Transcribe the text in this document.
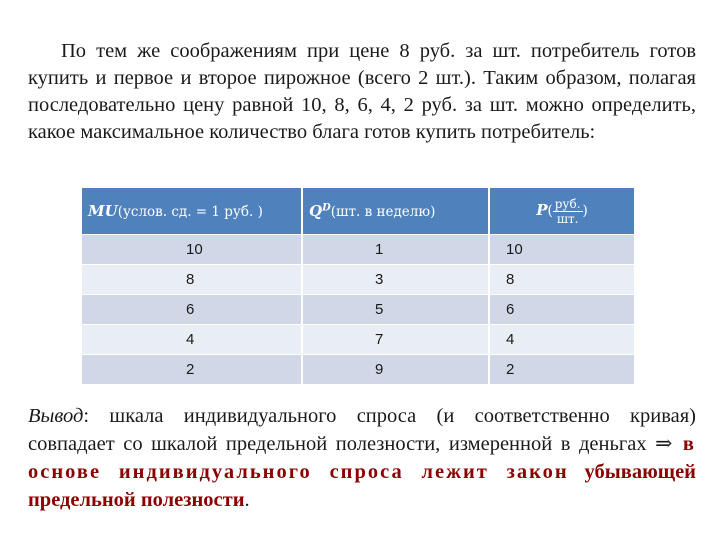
По тем же соображениям при цене 8 руб. за шт. потребитель готов купить и первое и второе пирожное (всего 2 шт.). Таким образом, полагая последовательно цену равной 10, 8, 6, 4, 2 руб. за шт. можно определить, какое максимальное количество блага готов купить потребитель:

MU(услов. сд. = 1 руб. )	$Q^D(шт$. в неделю)	$P( \frac{\text{руб.}}{шт.}$ )
10	1	10
8	3	8
6	5	6
4	7	4
2	9	2

Вывод: шкала индивидуального спроса (и соответственно кривая) совпадает со шкалой предельной полезности, измеренной в деньгах ⇒ в основе индивидуального спроса лежит закон убывающей предельной полезности.
